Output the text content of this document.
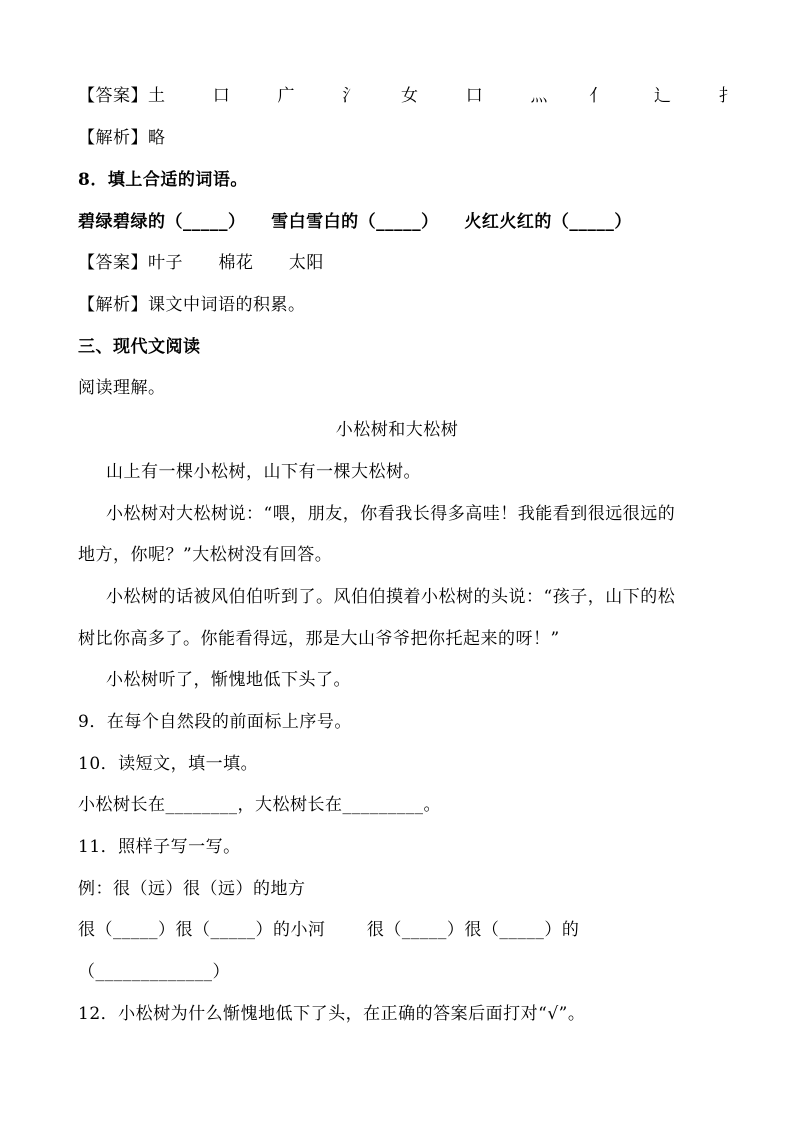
【答案】土        口        广        氵       女        口        灬       亻        辶        扌
【解析】略
8．填上合适的词语。
碧绿碧绿的（_____）    雪白雪白的（_____）    火红火红的（_____）
【答案】叶子      棉花      太阳
【解析】课文中词语的积累。
三、现代文阅读
阅读理解。
小松树和大松树
山上有一棵小松树，山下有一棵大松树。
小松树对大松树说：“喂，朋友，你看我长得多高哇！我能看到很远很远的
地方，你呢？”大松树没有回答。
小松树的话被风伯伯听到了。风伯伯摸着小松树的头说：“孩子，山下的松
树比你高多了。你能看得远，那是大山爷爷把你托起来的呀！”
小松树听了，惭愧地低下头了。
9．在每个自然段的前面标上序号。
10．读短文，填一填。
小松树长在________，大松树长在_________。
11．照样子写一写。
例：很（远）很（远）的地方
很（_____）很（_____）的小河       很（_____）很（_____）的
（_____________）
12．小松树为什么惭愧地低下了头，在正确的答案后面打对“√”。
